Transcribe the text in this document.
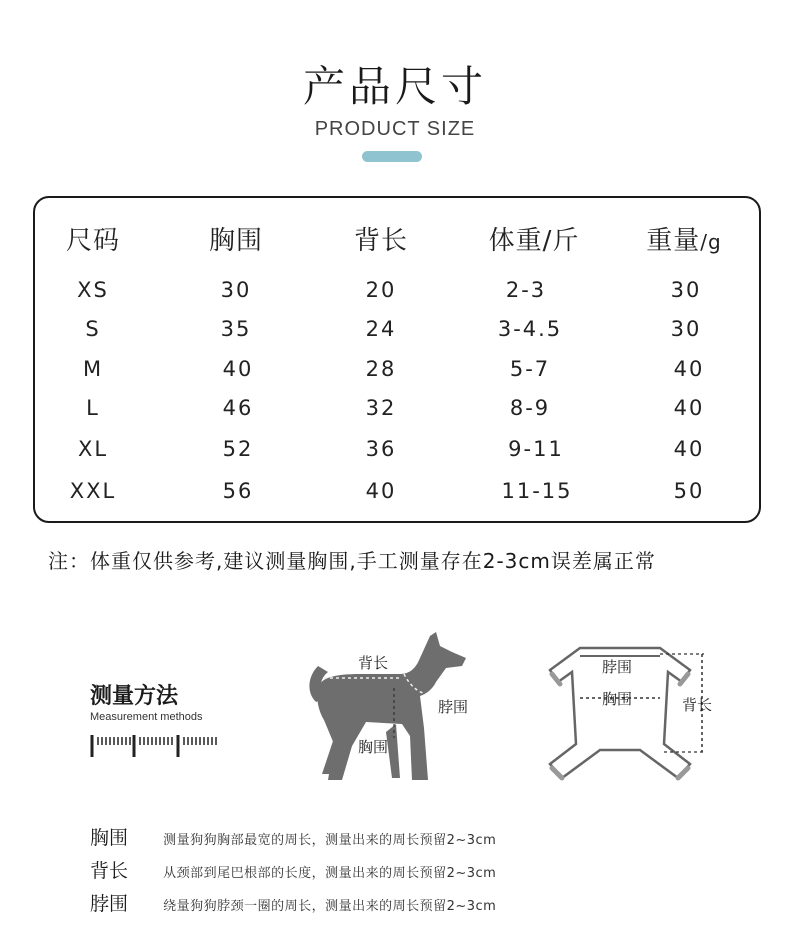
产品尺寸
PRODUCT SIZE
尺码	胸围	背长	体重/斤	重量/g
XS	30	20	2-3	30
S	35	24	3-4.5	30
M	40	28	5-7	40
L	46	32	8-9	40
XL	52	36	9-11	40
XXL	56	40	11-15	50
注：体重仅供参考,建议测量胸围,手工测量存在2-3cm误差属正常
测量方法
Measurement methods
背长
脖围
胸围
脖围
胸围	背长
胸围	测量狗狗胸部最宽的周长，测量出来的周长预留2~3cm
背长	从颈部到尾巴根部的长度，测量出来的周长预留2~3cm
脖围	绕量狗狗脖颈一圈的周长，测量出来的周长预留2~3cm
